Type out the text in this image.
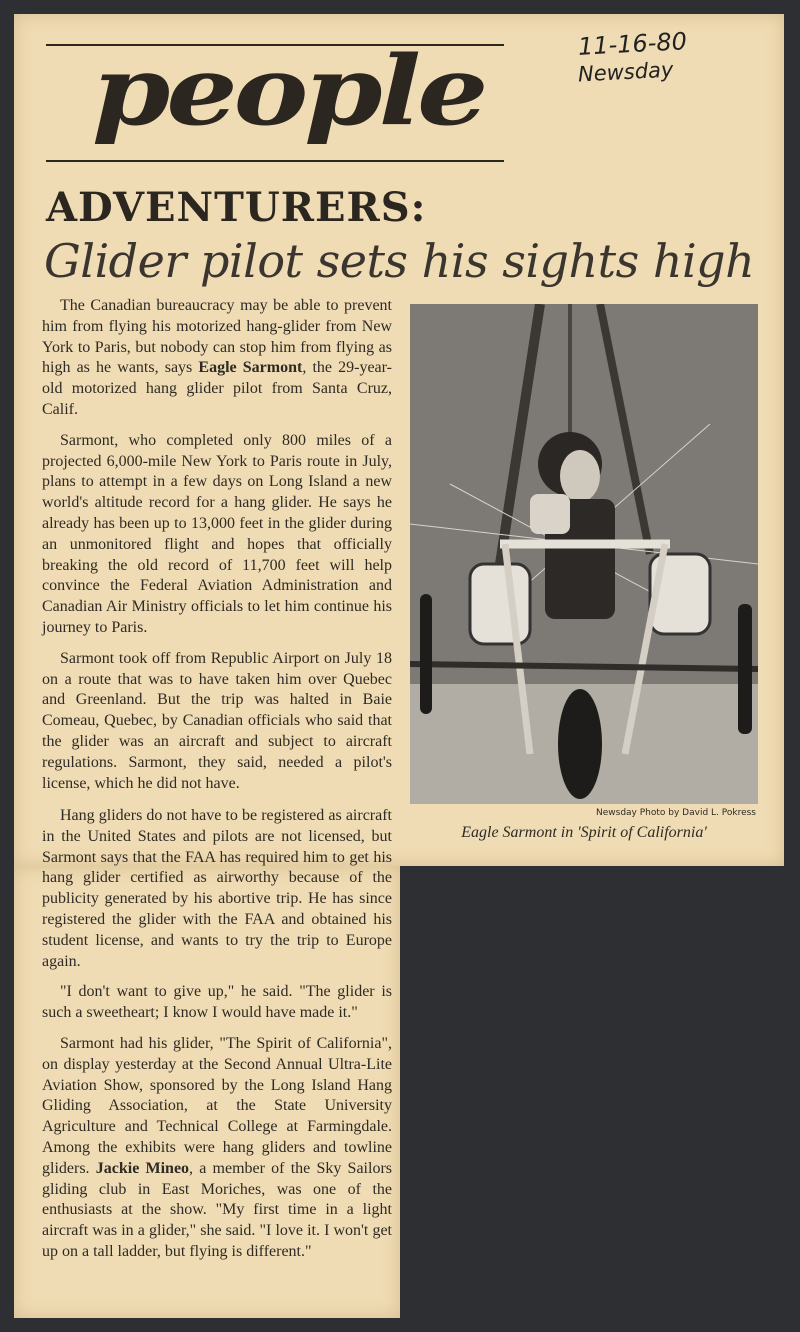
people	11-16-80
Newsday
ADVENTURERS:
Glider pilot sets his sights high

The Canadian bureaucracy may be able to prevent him from flying his motorized hang-glider from New York to Paris, but nobody can stop him from flying as high as he wants, says Eagle Sarmont, the 29-year-old motorized hang glider pilot from Santa Cruz, Calif.

Sarmont, who completed only 800 miles of a projected 6,000-mile New York to Paris route in July, plans to attempt in a few days on Long Island a new world's altitude record for a hang glider. He says he already has been up to 13,000 feet in the glider during an unmonitored flight and hopes that officially breaking the old record of 11,700 feet will help convince the Federal Aviation Administration and Canadian Air Ministry officials to let him continue his journey to Paris.

Sarmont took off from Republic Airport on July 18 on a route that was to have taken him over Quebec and Greenland. But the trip was halted in Baie Comeau, Quebec, by Canadian officials who said that the glider was an aircraft and subject to aircraft regulations. Sarmont, they said, needed a pilot's license, which he did not have.

Hang gliders do not have to be registered as aircraft in the United States and pilots are not licensed, but Sarmont says that the FAA has required him to get his hang glider certified as airworthy because of the publicity generated by his abortive trip. He has since registered the glider with the FAA and obtained his student license, and wants to try the trip to Europe again.

"I don't want to give up," he said. "The glider is such a sweetheart; I know I would have made it."

Sarmont had his glider, "The Spirit of California", on display yesterday at the Second Annual Ultra-Lite Aviation Show, sponsored by the Long Island Hang Gliding Association, at the State University Agriculture and Technical College at Farmingdale. Among the exhibits were hang gliders and towline gliders. Jackie Mineo, a member of the Sky Sailors gliding club in East Moriches, was one of the enthusiasts at the show. "My first time in a light aircraft was in a glider," she said. "I love it. I won't get up on a tall ladder, but flying is different."

Newsday Photo by David L. Pokress
Eagle Sarmont in 'Spirit of California'
